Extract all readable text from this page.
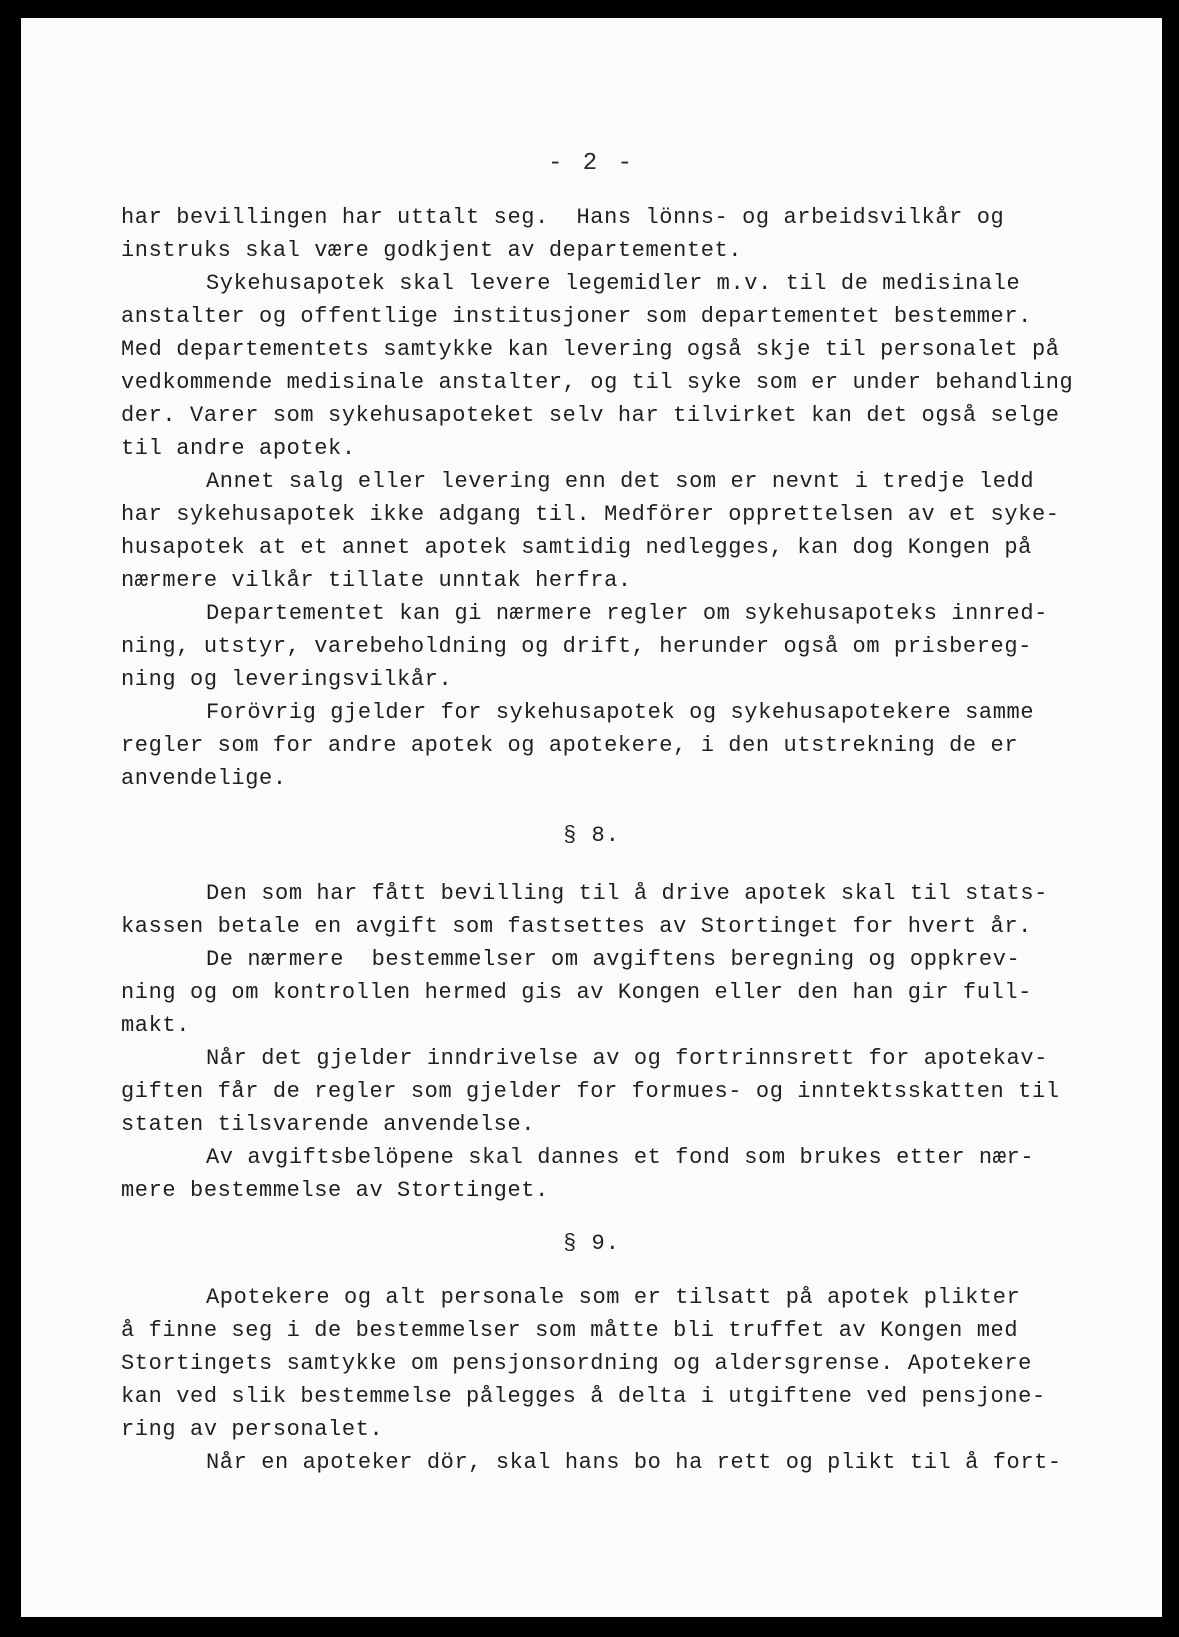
- 2 -
har bevillingen har uttalt seg.  Hans lönns- og arbeidsvilkår og
instruks skal være godkjent av departementet.
Sykehusapotek skal levere legemidler m.v. til de medisinale
anstalter og offentlige institusjoner som departementet bestemmer.
Med departementets samtykke kan levering også skje til personalet på
vedkommende medisinale anstalter, og til syke som er under behandling
der. Varer som sykehusapoteket selv har tilvirket kan det også selge
til andre apotek.
Annet salg eller levering enn det som er nevnt i tredje ledd
har sykehusapotek ikke adgang til. Medförer opprettelsen av et syke-
husapotek at et annet apotek samtidig nedlegges, kan dog Kongen på
nærmere vilkår tillate unntak herfra.
Departementet kan gi nærmere regler om sykehusapoteks innred-
ning, utstyr, varebeholdning og drift, herunder også om prisbereg-
ning og leveringsvilkår.
Forövrig gjelder for sykehusapotek og sykehusapotekere samme
regler som for andre apotek og apotekere, i den utstrekning de er
anvendelige.
§ 8.
Den som har fått bevilling til å drive apotek skal til stats-
kassen betale en avgift som fastsettes av Stortinget for hvert år.
De nærmere  bestemmelser om avgiftens beregning og oppkrev-
ning og om kontrollen hermed gis av Kongen eller den han gir full-
makt.
Når det gjelder inndrivelse av og fortrinnsrett for apotekav-
giften får de regler som gjelder for formues- og inntektsskatten til
staten tilsvarende anvendelse.
Av avgiftsbelöpene skal dannes et fond som brukes etter nær-
mere bestemmelse av Stortinget.
§ 9.
Apotekere og alt personale som er tilsatt på apotek plikter
å finne seg i de bestemmelser som måtte bli truffet av Kongen med
Stortingets samtykke om pensjonsordning og aldersgrense. Apotekere
kan ved slik bestemmelse pålegges å delta i utgiftene ved pensjone-
ring av personalet.
Når en apoteker dör, skal hans bo ha rett og plikt til å fort-
